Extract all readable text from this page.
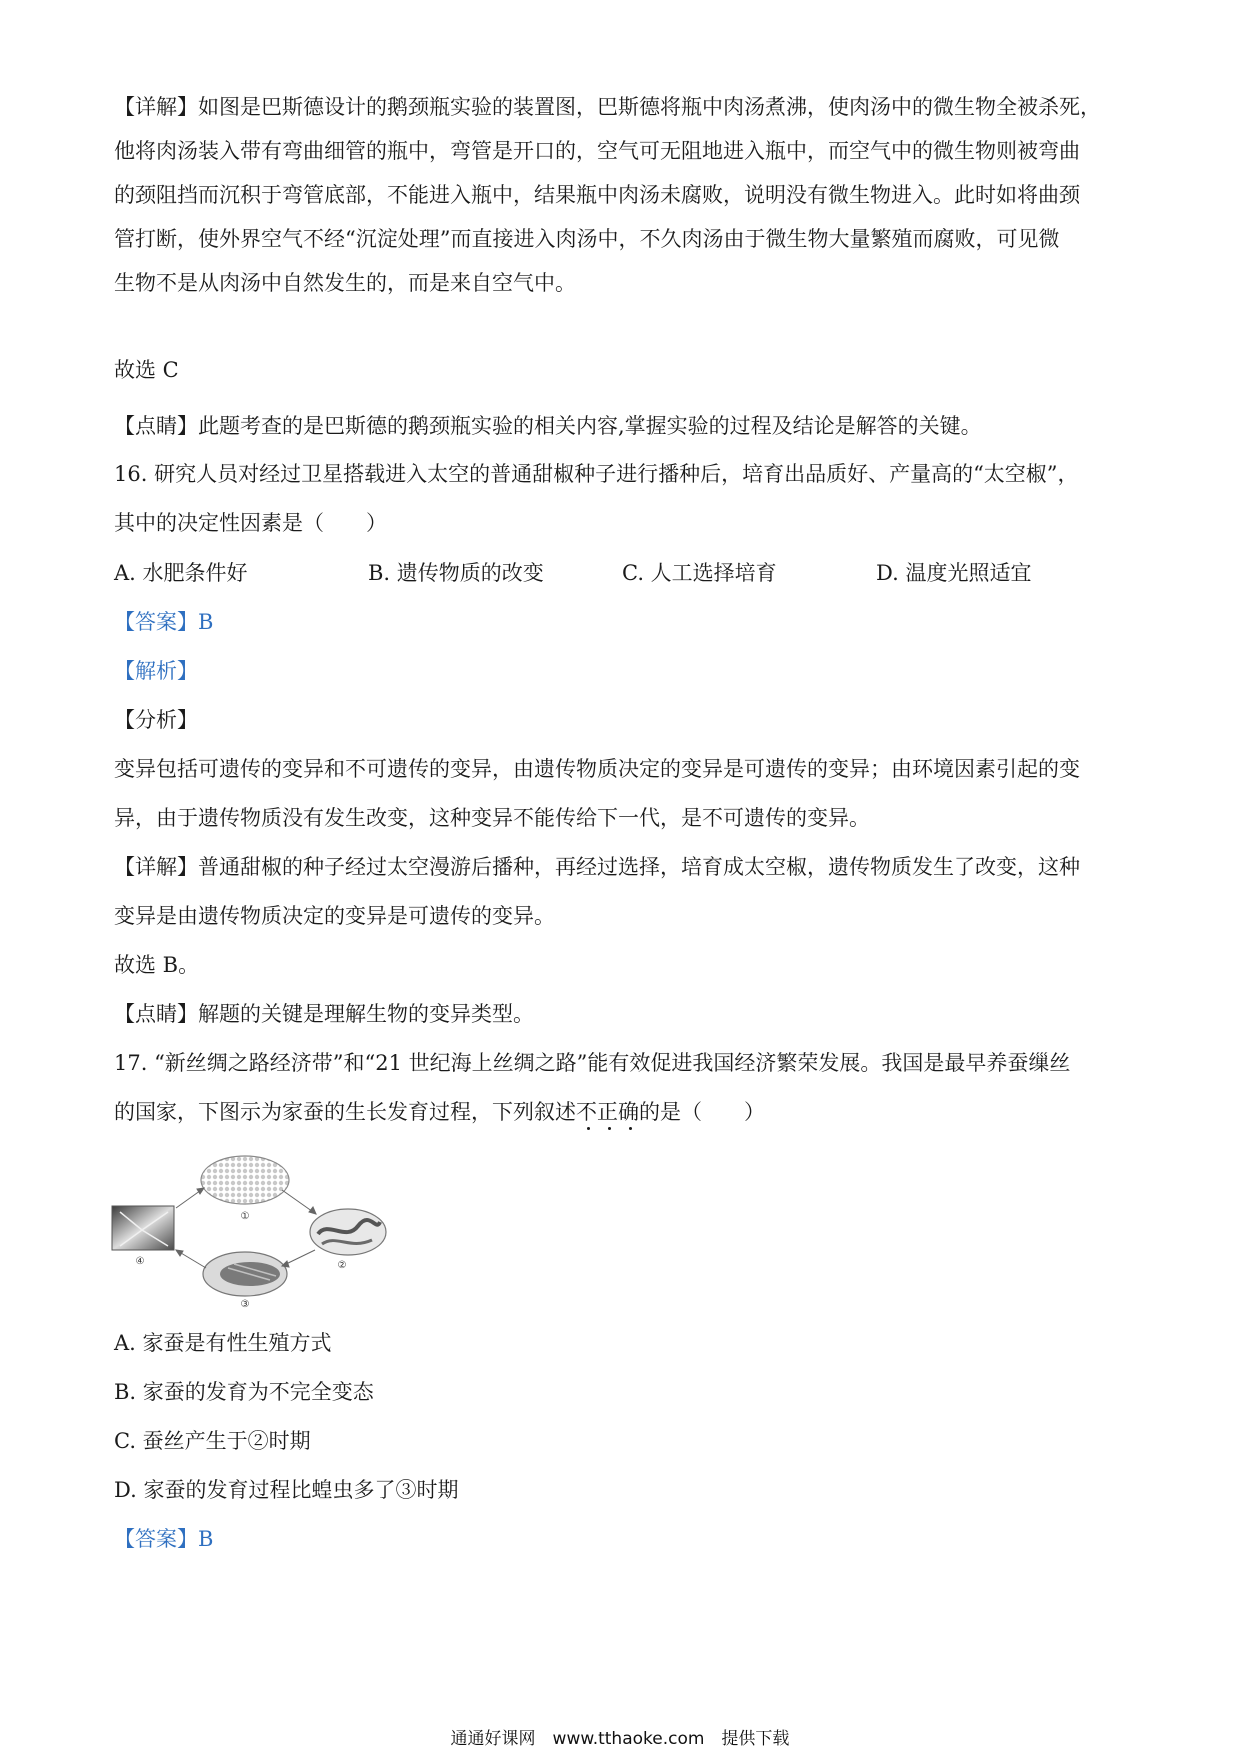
【详解】如图是巴斯德设计的鹅颈瓶实验的装置图，巴斯德将瓶中肉汤煮沸，使肉汤中的微生物全被杀死，
他将肉汤装入带有弯曲细管的瓶中，弯管是开口的，空气可无阻地进入瓶中，而空气中的微生物则被弯曲
的颈阻挡而沉积于弯管底部，不能进入瓶中，结果瓶中肉汤未腐败，说明没有微生物进入。此时如将曲颈
管打断，使外界空气不经“沉淀处理”而直接进入肉汤中，不久肉汤由于微生物大量繁殖而腐败，可见微
生物不是从肉汤中自然发生的，而是来自空气中。
故选 C
【点睛】此题考查的是巴斯德的鹅颈瓶实验的相关内容,掌握实验的过程及结论是解答的关键。
16. 研究人员对经过卫星搭载进入太空的普通甜椒种子进行播种后，培育出品质好、产量高的“太空椒”，
其中的决定性因素是（　　）
A. 水肥条件好	B. 遗传物质的改变	C. 人工选择培育	D. 温度光照适宜
【答案】B
【解析】
【分析】
变异包括可遗传的变异和不可遗传的变异，由遗传物质决定的变异是可遗传的变异；由环境因素引起的变
异，由于遗传物质没有发生改变，这种变异不能传给下一代，是不可遗传的变异。
【详解】普通甜椒的种子经过太空漫游后播种，再经过选择，培育成太空椒，遗传物质发生了改变，这种
变异是由遗传物质决定的变异是可遗传的变异。
故选 B。
【点睛】解题的关键是理解生物的变异类型。
17. “新丝绸之路经济带”和“21 世纪海上丝绸之路”能有效促进我国经济繁荣发展。我国是最早养蚕缫丝
的国家，下图示为家蚕的生长发育过程，下列叙述不正确的是（　　）
①
②
③
④
A. 家蚕是有性生殖方式
B. 家蚕的发育为不完全变态
C. 蚕丝产生于②时期
D. 家蚕的发育过程比蝗虫多了③时期
【答案】B
通通好课网　www.tthaoke.com　提供下载
